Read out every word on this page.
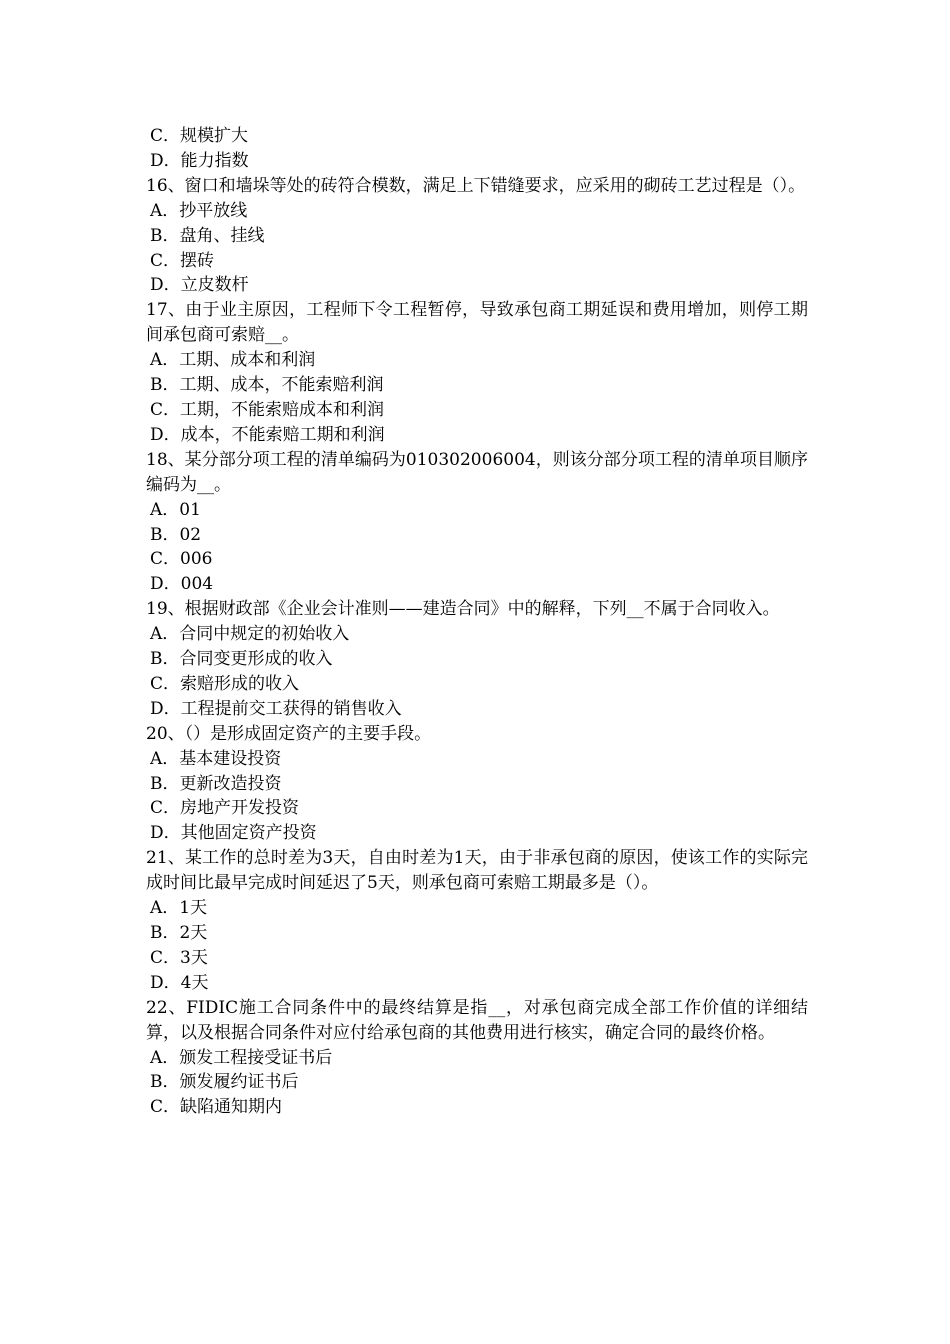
C．规模扩大

D．能力指数

16、窗口和墙垛等处的砖符合模数，满足上下错缝要求，应采用的砌砖工艺过程是（）。

A．抄平放线

B．盘角、挂线

C．摆砖

D．立皮数杆

17、由于业主原因，工程师下令工程暂停，导致承包商工期延误和费用增加，则停工期间承包商可索赔__。

A．工期、成本和利润

B．工期、成本，不能索赔利润

C．工期，不能索赔成本和利润

D．成本，不能索赔工期和利润

18、某分部分项工程的清单编码为010302006004，则该分部分项工程的清单项目顺序编码为__。

A．01

B．02

C．006

D．004

19、根据财政部《企业会计准则——建造合同》中的解释，下列__不属于合同收入。

A．合同中规定的初始收入

B．合同变更形成的收入

C．索赔形成的收入

D．工程提前交工获得的销售收入

20、（）是形成固定资产的主要手段。

A．基本建设投资

B．更新改造投资

C．房地产开发投资

D．其他固定资产投资

21、某工作的总时差为3天，自由时差为1天，由于非承包商的原因，使该工作的实际完成时间比最早完成时间延迟了5天，则承包商可索赔工期最多是（）。

A．1天

B．2天

C．3天

D．4天

22、FIDIC施工合同条件中的最终结算是指__，对承包商完成全部工作价值的详细结算，以及根据合同条件对应付给承包商的其他费用进行核实，确定合同的最终价格。

A．颁发工程接受证书后

B．颁发履约证书后

C．缺陷通知期内
